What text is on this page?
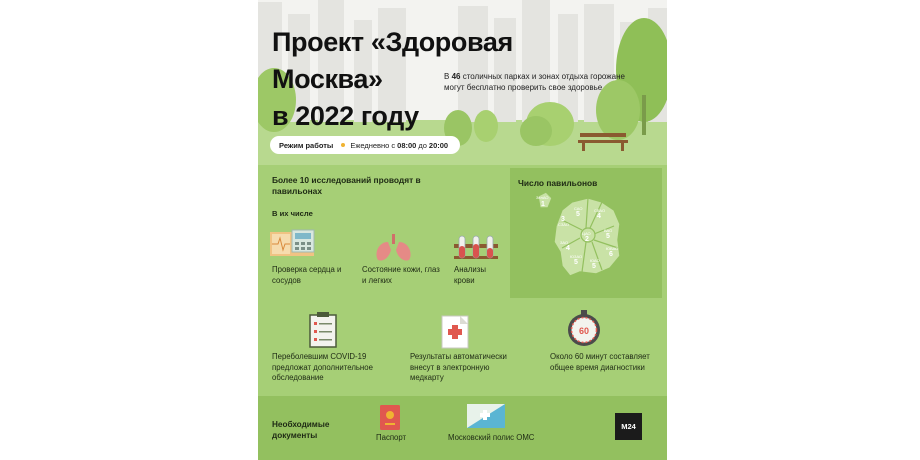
Проект «Здоровая Москва»
в 2022 году
В 46 столичных парках и зонах отдыха горожане могут бесплатно проверить свое здоровье
Режим работы Ежедневно с 08:00 до 20:00
Более 10 исследований проводят в павильонах
В их числе
Проверка сердца и сосудов
Состояние кожи, глаз и легких
Анализы крови
Число павильонов
ЗелАО
1
САО
5
СВАО
4
СЗАО
3
ВАО
5
ЦАО
2
ЗАО
4	ЮВАО
6
ЮЗАО
5	ЮАО
5
60
Переболевшим COVID-19 предложат дополнительное обследование
Результаты автоматически внесут в электронную медкарту
Около 60 минут составляет общее время диагностики
Необходимые документы	Паспорт	Московский полис ОМС
M24
